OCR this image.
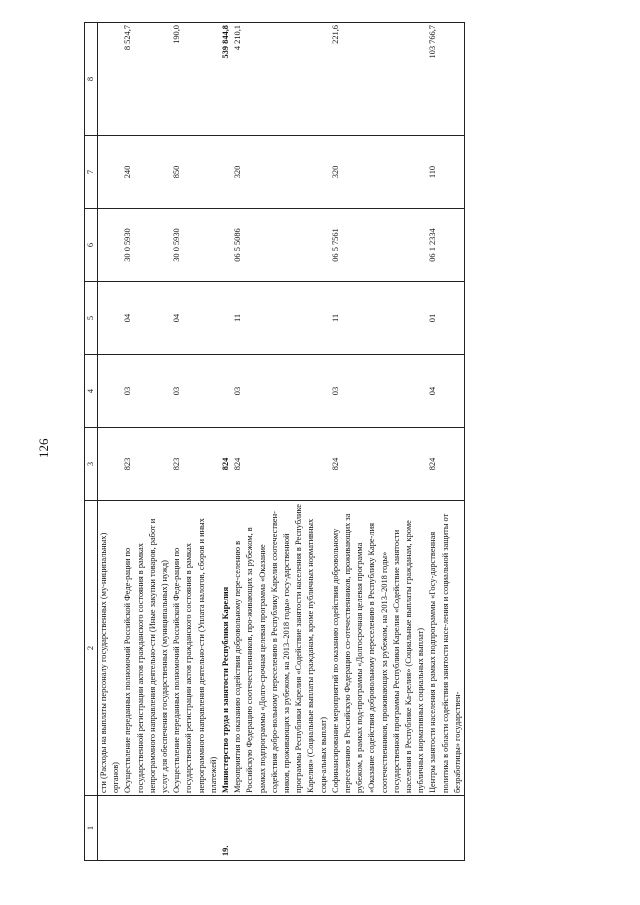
126
1	2	3	4	5	6	7	8
	сти (Расходы на выплаты персоналу государственных (му-ниципальных) органов)						
	Осуществление переданных полномочий Российской Феде-рации по государственной регистрации актов гражданского состояния в рамках непрограммного направления деятельно-сти (Иные закупки товаров, работ и услуг для обеспечения государственных (муниципальных) нужд)	823	03	04	30 0 5930	240	8 524,7
	Осуществление переданных полномочий Российской Феде-рации по государственной регистрации актов гражданского состояния в рамках непрограммного направления деятельно-сти (Уплата налогов, сборов и иных платежей)	823	03	04	30 0 5930	850	190,0
19.	Министерство труда и занятости Республики Карелия	824					539 844,8
	Мероприятия по оказанию содействия добровольному пере-селению в Российскую Федерацию соотечественников, про-живающих за рубежом, в рамках подпрограммы «Долго-срочная целевая программа «Оказание содействия добро-вольному переселению в Республику Карелия соотечествен-ников, проживающих за рубежом, на 2013–2018 годы» госу-дарственной программы Республики Карелия «Содействие занятости населения в Республике Карелия» (Социальные выплаты гражданам, кроме публичных нормативных соци-альных выплат)	824	03	11	06 5 5086	320	4 210,1
	Софинансирование мероприятий по оказанию содействия добровольному переселению в Российскую Федерацию со-отечественников, проживающих за рубежом, в рамках под-программы «Долгосрочная целевая программа «Оказание содействия добровольному переселению в Республику Каре-лия соотечественников, проживающих за рубежом, на 2013–2018 годы» государственной программы Республики Карелия «Содействие занятости населения в Республике Ка-релия» (Социальные выплаты гражданам, кроме публичных нормативных социальных выплат)	824	03	11	06 5 7561	320	221,6
	Центры занятости населения в рамках подпрограммы «Госу-дарственная политика в области содействия занятости насе-ления и социальной защиты от безработицы» государствен-	824	04	01	06 1 2334	110	103 766,7
